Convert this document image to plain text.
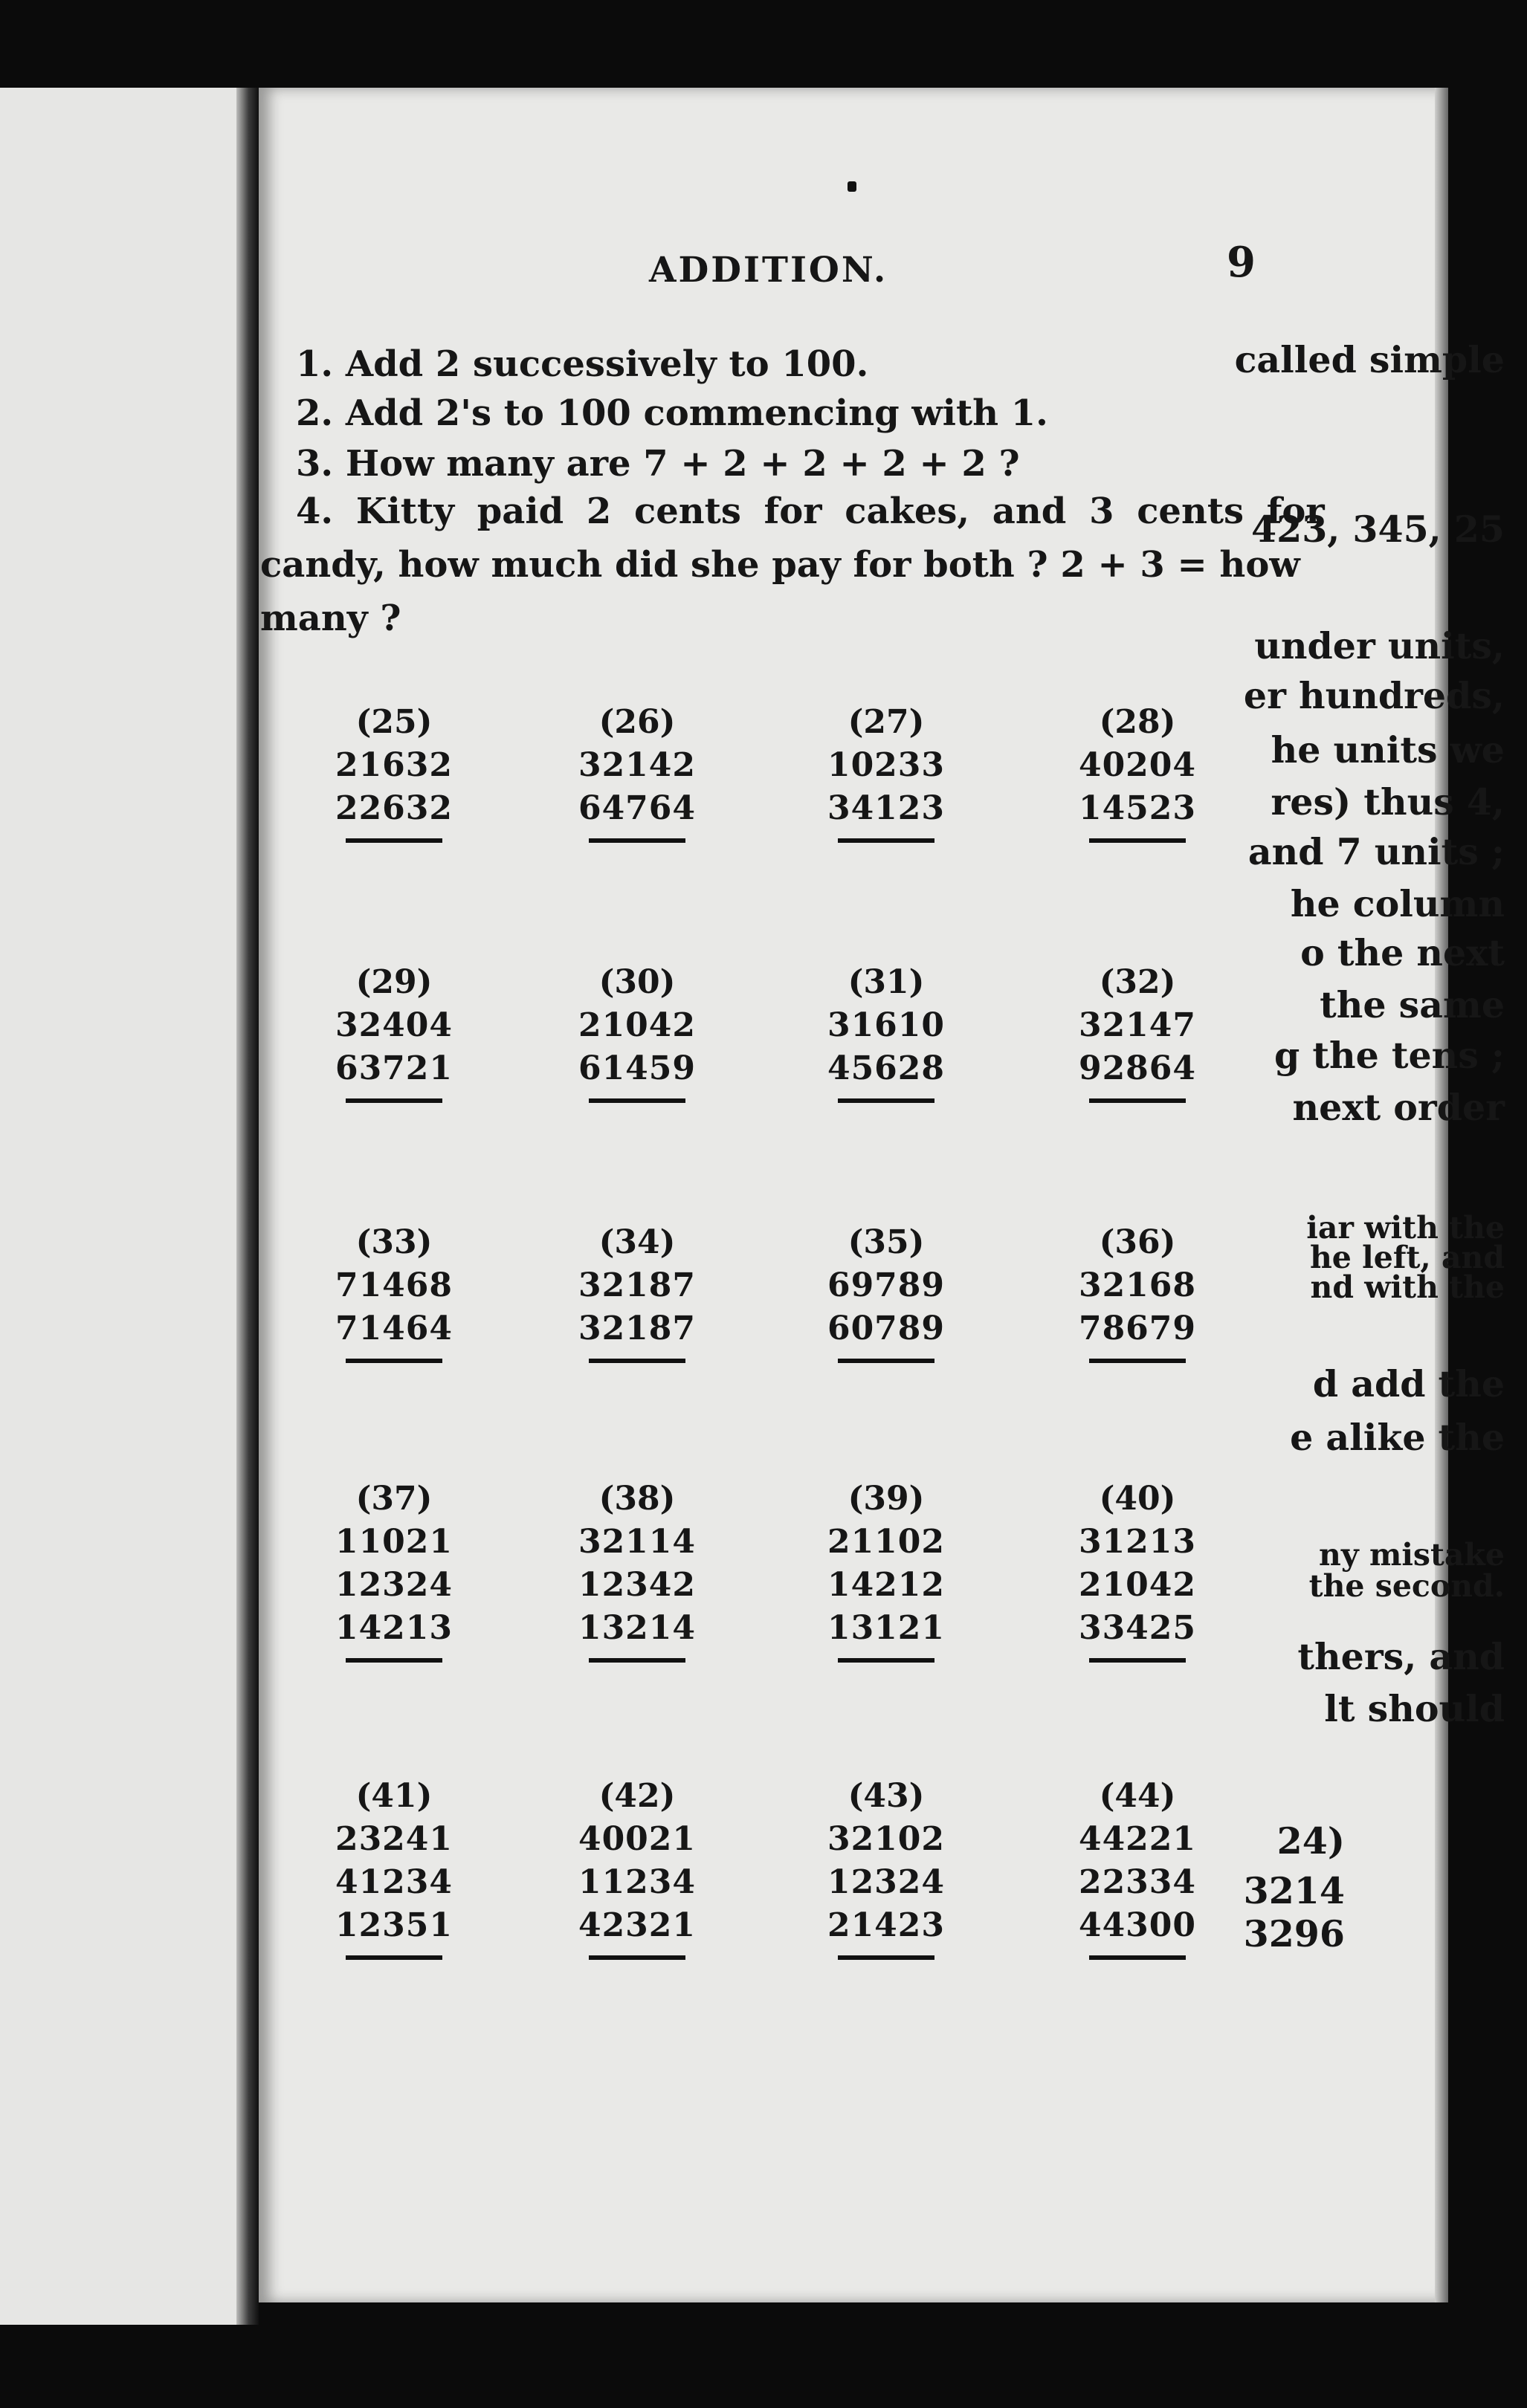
called simple
423, 345, 25
under units,
er hundreds,
he units we
res) thus 4,
and 7 units ;
he column
o the next
the same
g the tens ;
next order
iar with the
he left, and
nd with the
d add the
e alike the
ny mistake
the second.
thers, and
lt should
24)
3214
3296
ADDITION.	9
1. Add 2 successively to 100.
2. Add 2's to 100 commencing with 1.
3. How many are 7 + 2 + 2 + 2 + 2 ?
4. Kitty paid 2 cents for cakes, and 3 cents for
candy, how much did she pay for both ? 2 + 3 = how
many ?
(25)
21632
22632
(26)
32142
64764
(27)
10233
34123
(28)
40204
14523
(29)
32404
63721
(30)
21042
61459
(31)
31610
45628
(32)
32147
92864
(33)
71468
71464
(34)
32187
32187
(35)
69789
60789
(36)
32168
78679
(37)
11021
12324
14213
(38)
32114
12342
13214
(39)
21102
14212
13121
(40)
31213
21042
33425
(41)
23241
41234
12351
(42)
40021
11234
42321
(43)
32102
12324
21423
(44)
44221
22334
44300
